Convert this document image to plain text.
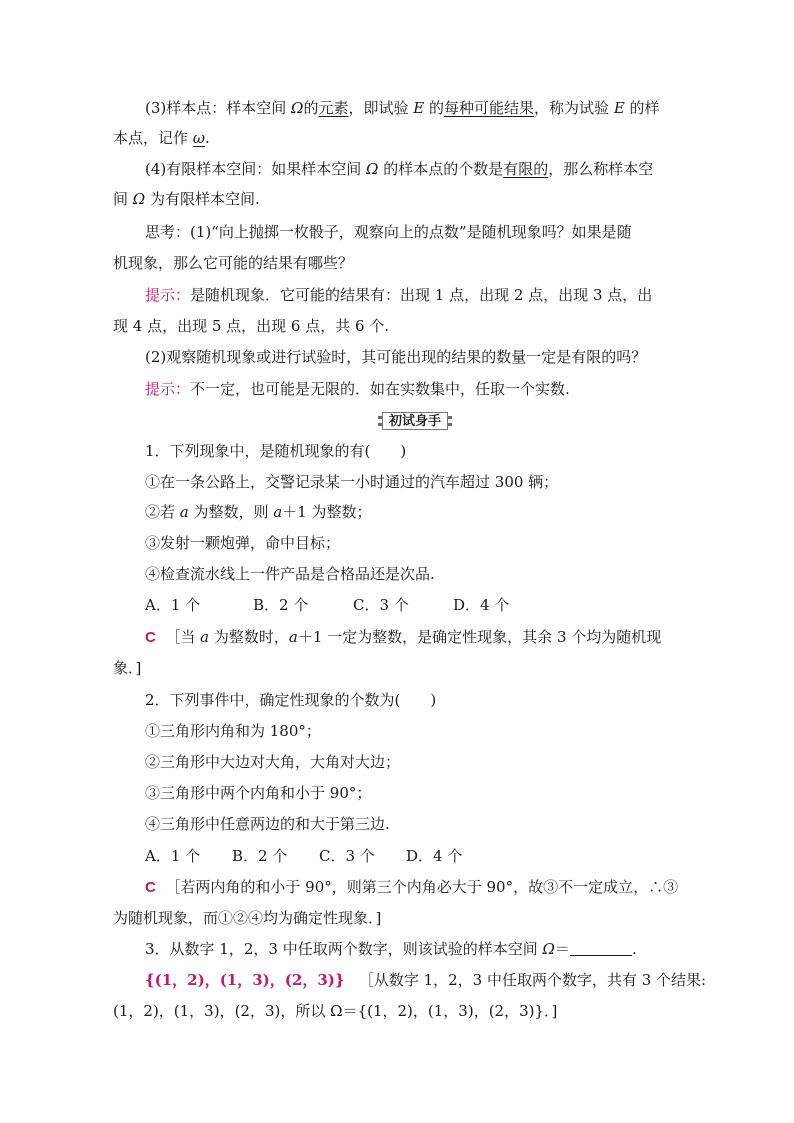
(3)样本点：样本空间 Ω的元素，即试验 E 的每种可能结果，称为试验 E 的样
本点，记作 ω.
(4)有限样本空间：如果样本空间 Ω 的样本点的个数是有限的，那么称样本空
间 Ω 为有限样本空间.
思考：(1)“向上抛掷一枚骰子，观察向上的点数”是随机现象吗？如果是随
机现象，那么它可能的结果有哪些？
提示：是随机现象．它可能的结果有：出现 1 点，出现 2 点，出现 3 点，出
现 4 点，出现 5 点，出现 6 点，共 6 个.
(2)观察随机现象或进行试验时，其可能出现的结果的数量一定是有限的吗？
提示：不一定，也可能是无限的．如在实数集中，任取一个实数.
初试身手
1．下列现象中，是随机现象的有(　　)
①在一条公路上，交警记录某一小时通过的汽车超过 300 辆；
②若 a 为整数，则 a＋1 为整数；
③发射一颗炮弹，命中目标；
④检查流水线上一件产品是合格品还是次品.
A．1 个	B．2 个	C．3 个	D．4 个
C ［当 a 为整数时，a＋1 一定为整数，是确定性现象，其余 3 个均为随机现
象．]
2．下列事件中，确定性现象的个数为(　　)
①三角形内角和为 180°；
②三角形中大边对大角，大角对大边；
③三角形中两个内角和小于 90°；
④三角形中任意两边的和大于第三边.
A．1 个 B．2 个 C．3 个 D．4 个
C ［若两内角的和小于 90°，则第三个内角必大于 90°，故③不一定成立，∴③
为随机现象，而①②④均为确定性现象．]
3．从数字 1，2，3 中任取两个数字，则该试验的样本空间 Ω＝	.
{(1，2)，(1，3)，(2，3)} ［从数字 1，2，3 中任取两个数字，共有 3 个结果:
(1，2)，(1，3)，(2，3)，所以 Ω＝{(1，2)，(1，3)，(2，3)}．]
